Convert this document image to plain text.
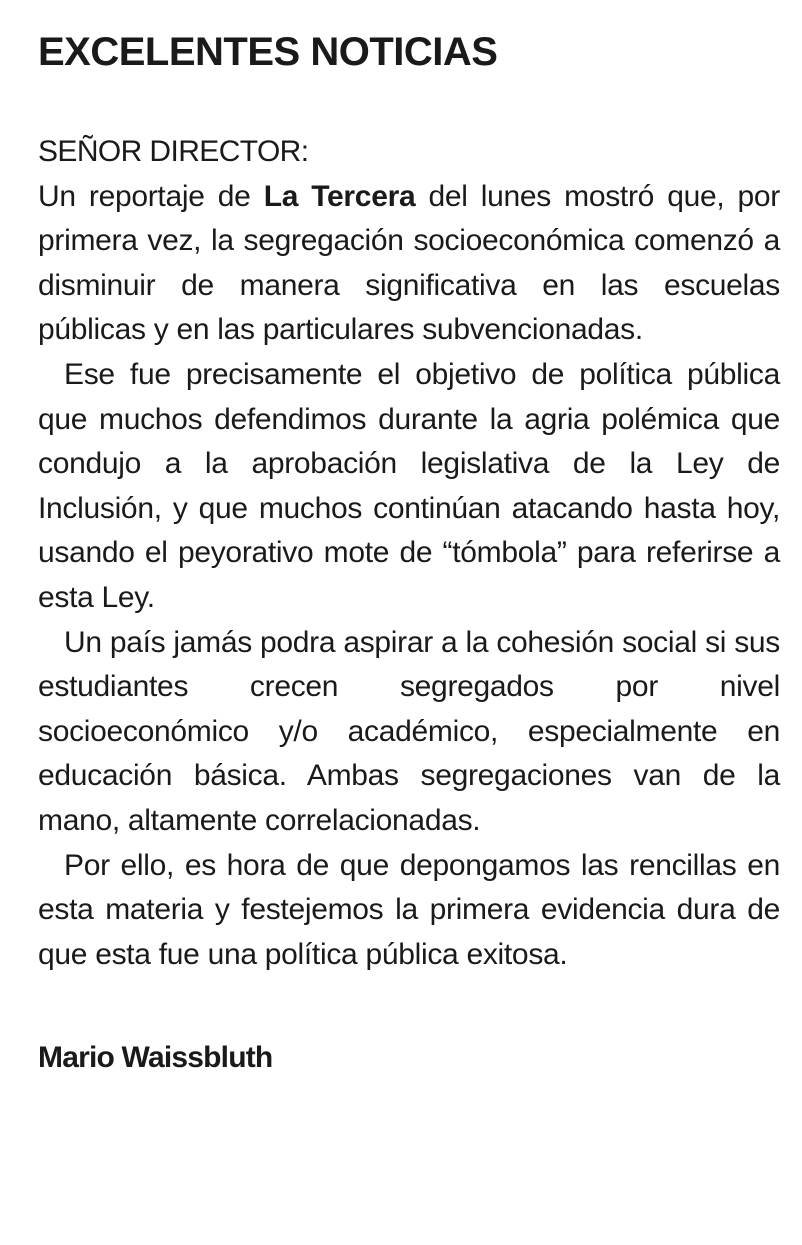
EXCELENTES NOTICIAS
SEÑOR DIRECTOR:

Un reportaje de La Tercera del lunes mostró que, por primera vez, la segregación socioeconómica comenzó a disminuir de manera significativa en las escuelas públicas y en las particulares subvencionadas.

Ese fue precisamente el objetivo de política pública que muchos defendimos durante la agria polémica que condujo a la aprobación legislativa de la Ley de Inclusión, y que muchos continúan atacando hasta hoy, usando el peyorativo mote de “tómbola” para referirse a esta Ley.

Un país jamás podra aspirar a la cohesión social si sus estudiantes crecen segregados por nivel socioeconómico y/o académico, especialmente en educación básica. Ambas segregaciones van de la mano, altamente correlacionadas.

Por ello, es hora de que depongamos las rencillas en esta materia y festejemos la primera evidencia dura de que esta fue una política pública exitosa.

Mario Waissbluth
